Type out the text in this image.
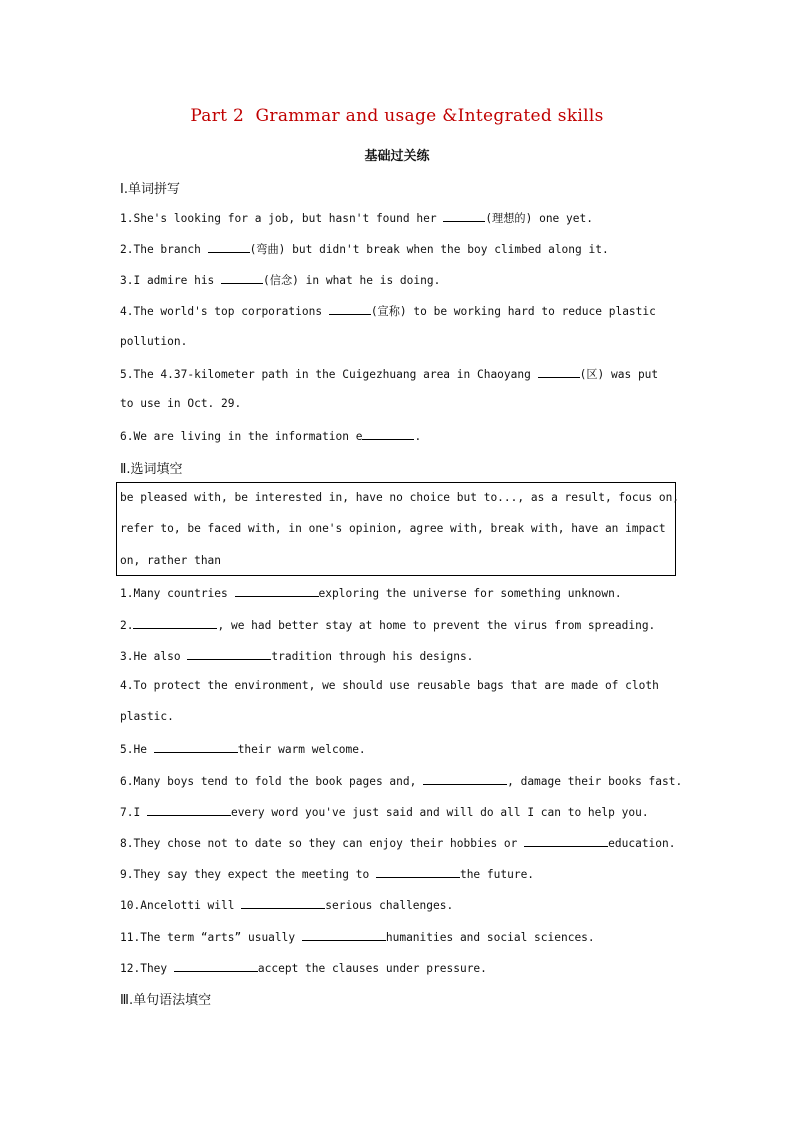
Part 2  Grammar and usage &Integrated skills
基础过关练
Ⅰ.单词拼写
1.She's looking for a job, but hasn't found her	(理想的) one yet.
2.The branch	(弯曲) but didn't break when the boy climbed along it.
3.I admire his	(信念) in what he is doing.
4.The world's top corporations	(宣称) to be working hard to reduce plastic
pollution.
5.The 4.37-kilometer path in the Cuigezhuang area in Chaoyang	(区) was put
to use in Oct. 29.
6.We are living in the information e	.
Ⅱ.选词填空
be pleased with, be interested in, have no choice but to..., as a result, focus on,
refer to, be faced with, in one's opinion, agree with, break with, have an impact
on, rather than
1.Many countries	exploring the universe for something unknown.
2.	, we had better stay at home to prevent the virus from spreading.
3.He also	tradition through his designs.
4.To protect the environment, we should use reusable bags that are made of cloth
plastic.
5.He	their warm welcome.
6.Many boys tend to fold the book pages and,	, damage their books fast.
7.I	every word you've just said and will do all I can to help you.
8.They chose not to date so they can enjoy their hobbies or	education.
9.They say they expect the meeting to	the future.
10.Ancelotti will	serious challenges.
11.The term “arts” usually	humanities and social sciences.
12.They	accept the clauses under pressure.
Ⅲ.单句语法填空
